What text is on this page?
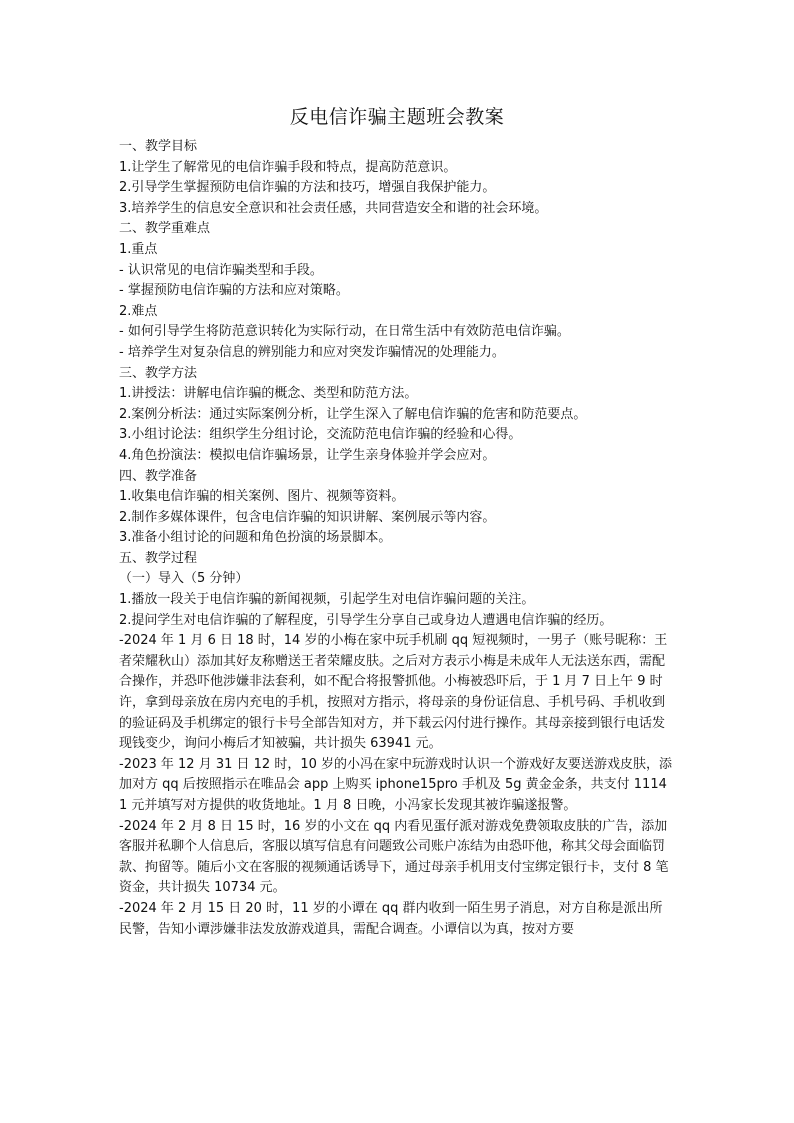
反电信诈骗主题班会教案

一、教学目标

1.让学生了解常见的电信诈骗手段和特点，提高防范意识。

2.引导学生掌握预防电信诈骗的方法和技巧，增强自我保护能力。

3.培养学生的信息安全意识和社会责任感，共同营造安全和谐的社会环境。

二、教学重难点

1.重点

- 认识常见的电信诈骗类型和手段。

- 掌握预防电信诈骗的方法和应对策略。

2.难点

- 如何引导学生将防范意识转化为实际行动，在日常生活中有效防范电信诈骗。

- 培养学生对复杂信息的辨别能力和应对突发诈骗情况的处理能力。

三、教学方法

1.讲授法：讲解电信诈骗的概念、类型和防范方法。

2.案例分析法：通过实际案例分析，让学生深入了解电信诈骗的危害和防范要点。

3.小组讨论法：组织学生分组讨论，交流防范电信诈骗的经验和心得。

4.角色扮演法：模拟电信诈骗场景，让学生亲身体验并学会应对。

四、教学准备

1.收集电信诈骗的相关案例、图片、视频等资料。

2.制作多媒体课件，包含电信诈骗的知识讲解、案例展示等内容。

3.准备小组讨论的问题和角色扮演的场景脚本。

五、教学过程

（一）导入（5 分钟）

1.播放一段关于电信诈骗的新闻视频，引起学生对电信诈骗问题的关注。

2.提问学生对电信诈骗的了解程度，引导学生分享自己或身边人遭遇电信诈骗的经历。

-2024 年 1 月 6 日 18 时，14 岁的小梅在家中玩手机刷 qq 短视频时，一男子（账号昵称：王者荣耀秋山）添加其好友称赠送王者荣耀皮肤。之后对方表示小梅是未成年人无法送东西，需配合操作，并恐吓他涉嫌非法套利，如不配合将报警抓他。小梅被恐吓后，于 1 月 7 日上午 9 时许，拿到母亲放在房内充电的手机，按照对方指示，将母亲的身份证信息、手机号码、手机收到的验证码及手机绑定的银行卡号全部告知对方，并下载云闪付进行操作。其母亲接到银行电话发现钱变少，询问小梅后才知被骗，共计损失 63941 元。

-2023 年 12 月 31 日 12 时，10 岁的小冯在家中玩游戏时认识一个游戏好友要送游戏皮肤，添加对方 qq 后按照指示在唯品会 app 上购买 iphone15pro 手机及 5g 黄金金条，共支付 11141 元并填写对方提供的收货地址。1 月 8 日晚，小冯家长发现其被诈骗遂报警。

-2024 年 2 月 8 日 15 时，16 岁的小文在 qq 内看见蛋仔派对游戏免费领取皮肤的广告，添加客服并私聊个人信息后，客服以填写信息有问题致公司账户冻结为由恐吓他，称其父母会面临罚款、拘留等。随后小文在客服的视频通话诱导下，通过母亲手机用支付宝绑定银行卡，支付 8 笔资金，共计损失 10734 元。

-2024 年 2 月 15 日 20 时，11 岁的小谭在 qq 群内收到一陌生男子消息，对方自称是派出所民警，告知小谭涉嫌非法发放游戏道具，需配合调查。小谭信以为真，按对方要
